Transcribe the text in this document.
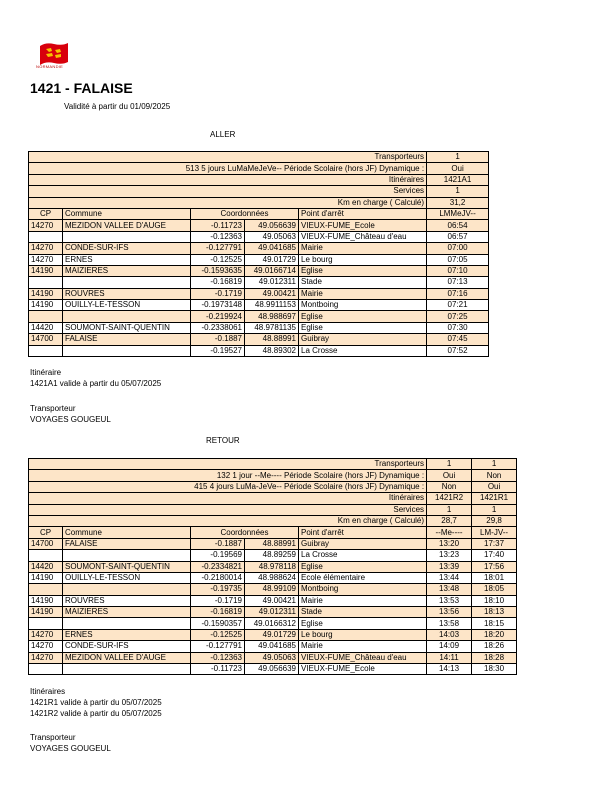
NORMANDIE
1421 - FALAISE
Validité à partir du 01/09/2025
ALLER
Transporteurs					1
513 5 jours LuMaMeJeVe-- Période Scolaire (hors JF) Dynamique :					Oui
Itinéraires					1421A1
Services					1
Km en charge ( Calculé)					31,2
CP	Commune	Coordonnées		Point d'arrêt	LMMeJV--
14270	MEZIDON VALLEE D'AUGE	-0.11723	49.056639	VIEUX-FUME_Ecole	06:54
		-0.12363	49.05063	VIEUX-FUME_Château d'eau	06:57
14270	CONDE-SUR-IFS	-0.127791	49.041685	Mairie	07:00
14270	ERNES	-0.12525	49.01729	Le bourg	07:05
14190	MAIZIERES	-0.1593635	49.0166714	Eglise	07:10
		-0.16819	49.012311	Stade	07:13
14190	ROUVRES	-0.1719	49.00421	Mairie	07:16
14190	OUILLY-LE-TESSON	-0.1973148	48.9911153	Montboing	07:21
		-0.219924	48.988697	Eglise	07:25
14420	SOUMONT-SAINT-QUENTIN	-0.2338061	48.9781135	Eglise	07:30
14700	FALAISE	-0.1887	48.88991	Guibray	07:45
		-0.19527	48.89302	La Crosse	07:52
Itinéraire
1421A1 valide à partir du 05/07/2025
Transporteur
VOYAGES GOUGEUL
RETOUR
Transporteurs					1	1
132 1 jour --Me---- Période Scolaire (hors JF) Dynamique :					Oui	Non
415 4 jours LuMa-JeVe-- Période Scolaire (hors JF) Dynamique :					Non	Oui
Itinéraires					1421R2	1421R1
Services					1	1
Km en charge ( Calculé)					28,7	29,8
CP	Commune	Coordonnées		Point d'arrêt	--Me----	LM-JV--
14700	FALAISE	-0.1887	48.88991	Guibray	13:20	17:37
		-0.19569	48.89259	La Crosse	13:23	17:40
14420	SOUMONT-SAINT-QUENTIN	-0.2334821	48.978118	Eglise	13:39	17:56
14190	OUILLY-LE-TESSON	-0.2180014	48.988624	Ecole élémentaire	13:44	18:01
		-0.19735	48.99109	Montboing	13:48	18:05
14190	ROUVRES	-0.1719	49.00421	Mairie	13:53	18:10
14190	MAIZIERES	-0.16819	49.012311	Stade	13:56	18:13
		-0.1590357	49.0166312	Eglise	13:58	18:15
14270	ERNES	-0.12525	49.01729	Le bourg	14:03	18:20
14270	CONDE-SUR-IFS	-0.127791	49.041685	Mairie	14:09	18:26
14270	MEZIDON VALLEE D'AUGE	-0.12363	49.05063	VIEUX-FUME_Château d'eau	14:11	18:28
		-0.11723	49.056639	VIEUX-FUME_Ecole	14:13	18:30
Itinéraires
1421R1 valide à partir du 05/07/2025
1421R2 valide à partir du 05/07/2025
Transporteur
VOYAGES GOUGEUL
